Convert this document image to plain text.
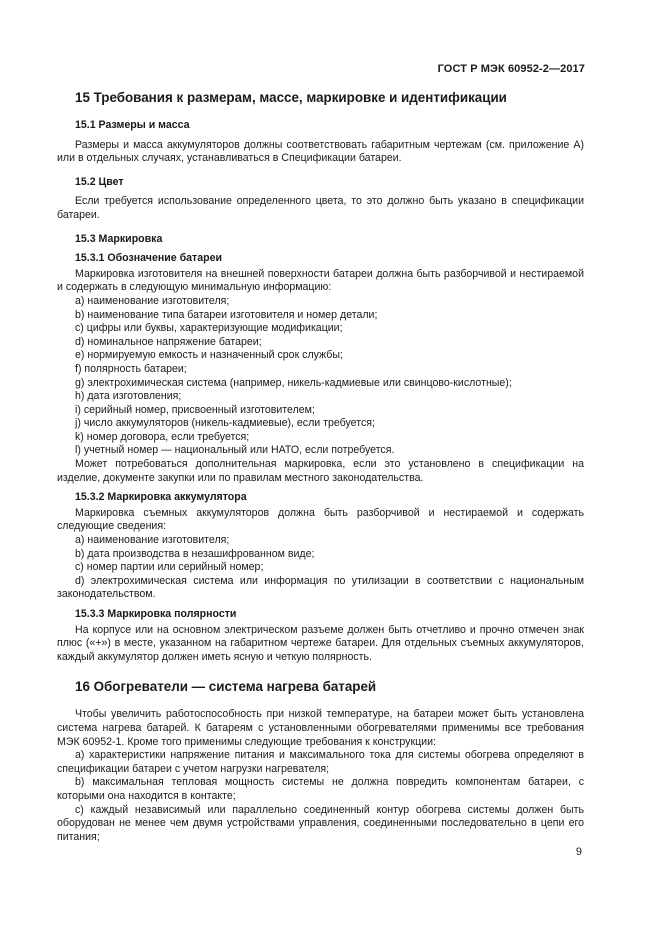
ГОСТ Р МЭК 60952-2—2017
15 Требования к размерам, массе, маркировке и идентификации
15.1 Размеры и масса

Размеры и масса аккумуляторов должны соответствовать габаритным чертежам (см. приложение А) или в отдельных случаях, устанавливаться в Спецификации батареи.

15.2 Цвет

Если требуется использование определенного цвета, то это должно быть указано в спецификации батареи.

15.3 Маркировка
15.3.1 Обозначение батареи

Маркировка изготовителя на внешней поверхности батареи должна быть разборчивой и нестираемой и содержать в следующую минимальную информацию:

a) наименование изготовителя;
b) наименование типа батареи изготовителя и номер детали;
c) цифры или буквы, характеризующие модификации;
d) номинальное напряжение батареи;
e) нормируемую емкость и назначенный срок службы;
f) полярность батареи;
g) электрохимическая система (например, никель-кадмиевые или свинцово-кислотные);
h) дата изготовления;
i) серийный номер, присвоенный изготовителем;
j) число аккумуляторов (никель-кадмиевые), если требуется;
k) номер договора, если требуется;
l) учетный номер — национальный или НАТО, если потребуется.

Может потребоваться дополнительная маркировка, если это установлено в спецификации на изделие, документе закупки или по правилам местного законодательства.

15.3.2 Маркировка аккумулятора

Маркировка съемных аккумуляторов должна быть разборчивой и нестираемой и содержать следующие сведения:

a) наименование изготовителя;
b) дата производства в незашифрованном виде;
c) номер партии или серийный номер;
d) электрохимическая система или информация по утилизации в соответствии с национальным законодательством.
15.3.3 Маркировка полярности

На корпусе или на основном электрическом разъеме должен быть отчетливо и прочно отмечен знак плюс («+») в месте, указанном на габаритном чертеже батареи. Для отдельных съемных аккумуляторов, каждый аккумулятор должен иметь ясную и четкую полярность.

16 Обогреватели — система нагрева батарей

Чтобы увеличить работоспособность при низкой температуре, на батареи может быть установлена система нагрева батарей. К батареям с установленными обогревателями применимы все требования МЭК 60952-1. Кроме того применимы следующие требования к конструкции:

a) характеристики напряжение питания и максимального тока для системы обогрева определяют в спецификации батареи с учетом нагрузки нагревателя;
b) максимальная тепловая мощность системы не должна повредить компонентам батареи, с которыми она находится в контакте;
c) каждый независимый или параллельно соединенный контур обогрева системы должен быть оборудован не менее чем двумя устройствами управления, соединенными последовательно в цепи его питания;
9
